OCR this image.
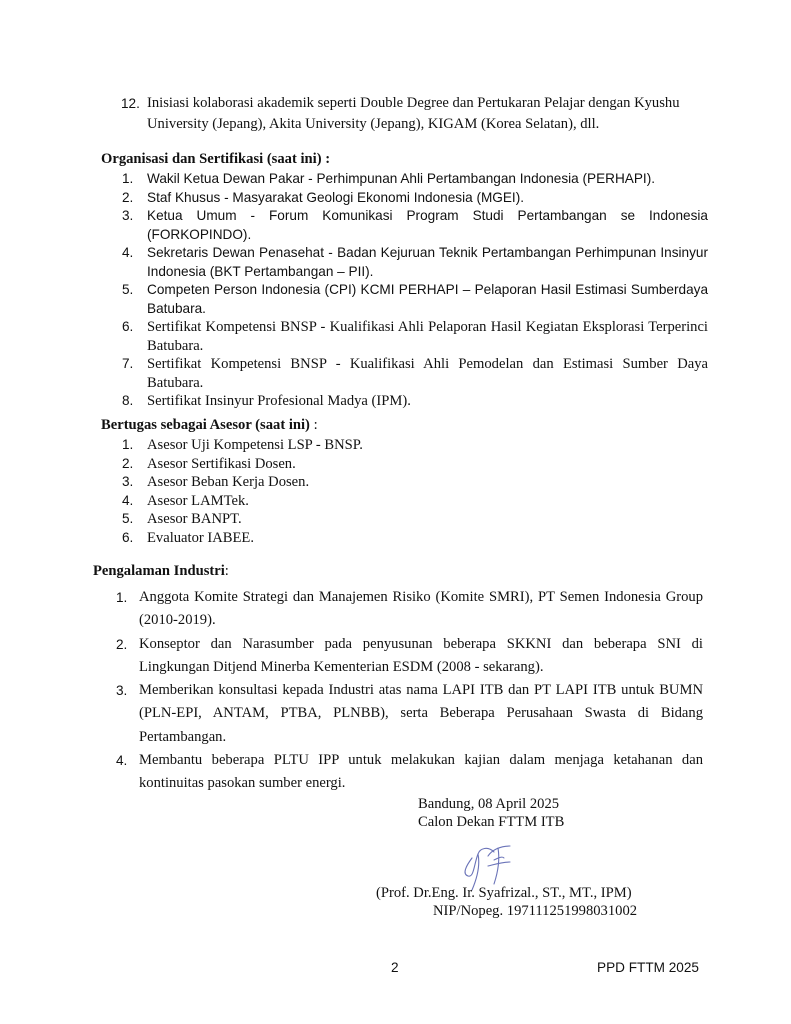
12. Inisiasi kolaborasi akademik seperti Double Degree dan Pertukaran Pelajar dengan Kyushu University (Jepang), Akita University (Jepang), KIGAM (Korea Selatan), dll.
Organisasi dan Sertifikasi (saat ini) :
1.	Wakil Ketua Dewan Pakar - Perhimpunan Ahli Pertambangan Indonesia (PERHAPI).
2.	Staf Khusus - Masyarakat Geologi Ekonomi Indonesia (MGEI).
3.	Ketua Umum - Forum Komunikasi Program Studi Pertambangan se Indonesia (FORKOPINDO).
4.	Sekretaris Dewan Penasehat - Badan Kejuruan Teknik Pertambangan Perhimpunan Insinyur Indonesia (BKT Pertambangan – PII).
5.	Competen Person Indonesia (CPI) KCMI PERHAPI – Pelaporan Hasil Estimasi Sumberdaya Batubara.
6. Sertifikat Kompetensi BNSP - Kualifikasi Ahli Pelaporan Hasil Kegiatan Eksplorasi Terperinci Batubara.
7. Sertifikat Kompetensi BNSP - Kualifikasi Ahli Pemodelan dan Estimasi Sumber Daya Batubara.
8. Sertifikat Insinyur Profesional Madya (IPM).
Bertugas sebagai Asesor (saat ini) :
1. Asesor Uji Kompetensi LSP - BNSP.
2. Asesor Sertifikasi Dosen.
3. Asesor Beban Kerja Dosen.
4. Asesor LAMTek.
5. Asesor BANPT.
6. Evaluator IABEE.
Pengalaman Industri:
1. Anggota Komite Strategi dan Manajemen Risiko (Komite SMRI), PT Semen Indonesia Group (2010-2019).
2. Konseptor dan Narasumber pada penyusunan beberapa SKKNI dan beberapa SNI di Lingkungan Ditjend Minerba Kementerian ESDM (2008 - sekarang).
3. Memberikan konsultasi kepada Industri atas nama LAPI ITB dan PT LAPI ITB untuk BUMN (PLN-EPI, ANTAM, PTBA, PLNBB), serta Beberapa Perusahaan Swasta di Bidang Pertambangan.
4. Membantu beberapa PLTU IPP untuk melakukan kajian dalam menjaga ketahanan dan kontinuitas pasokan sumber energi.
Bandung, 08 April 2025
Calon Dekan FTTM ITB
(Prof. Dr.Eng. Ir. Syafrizal., ST., MT., IPM)
NIP/Nopeg. 197111251998031002
2	PPD FTTM 2025
